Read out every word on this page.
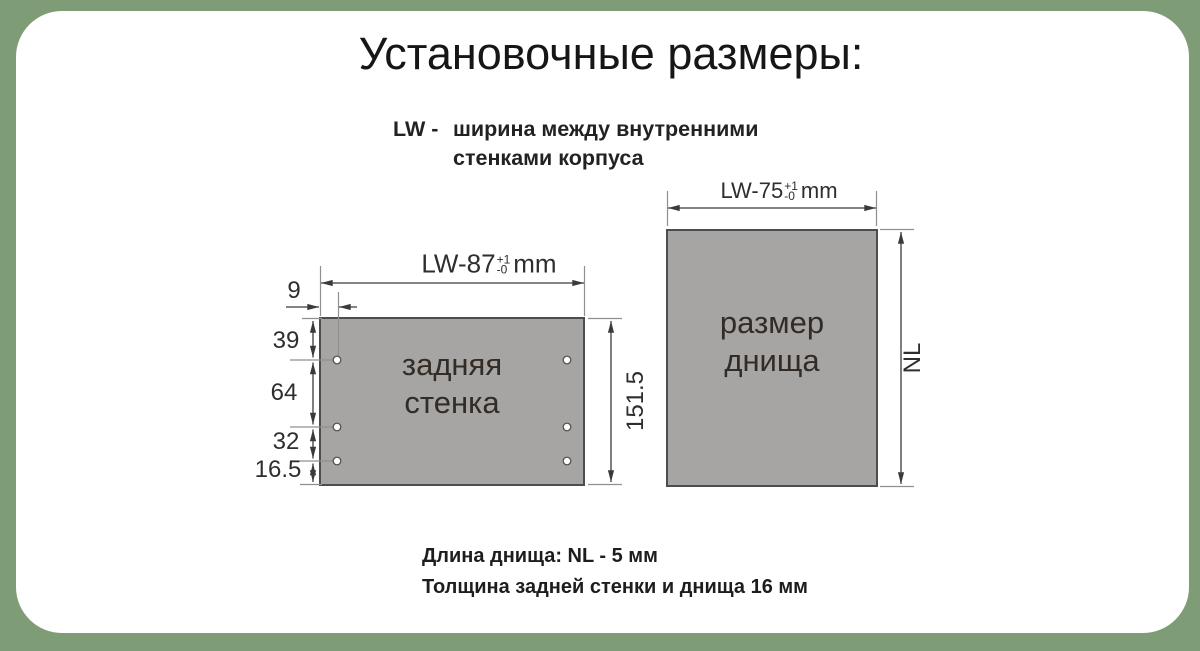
Установочные размеры:
LW - ширина между внутренними
стенками корпуса
задняя
стенка
размер
днища
LW-87 +1
-0 mm
9
39
64
32
16.5
151.5
LW-75 +1
-0 mm
NL
Длина днища: NL - 5 мм
Толщина задней стенки и днища 16 мм
